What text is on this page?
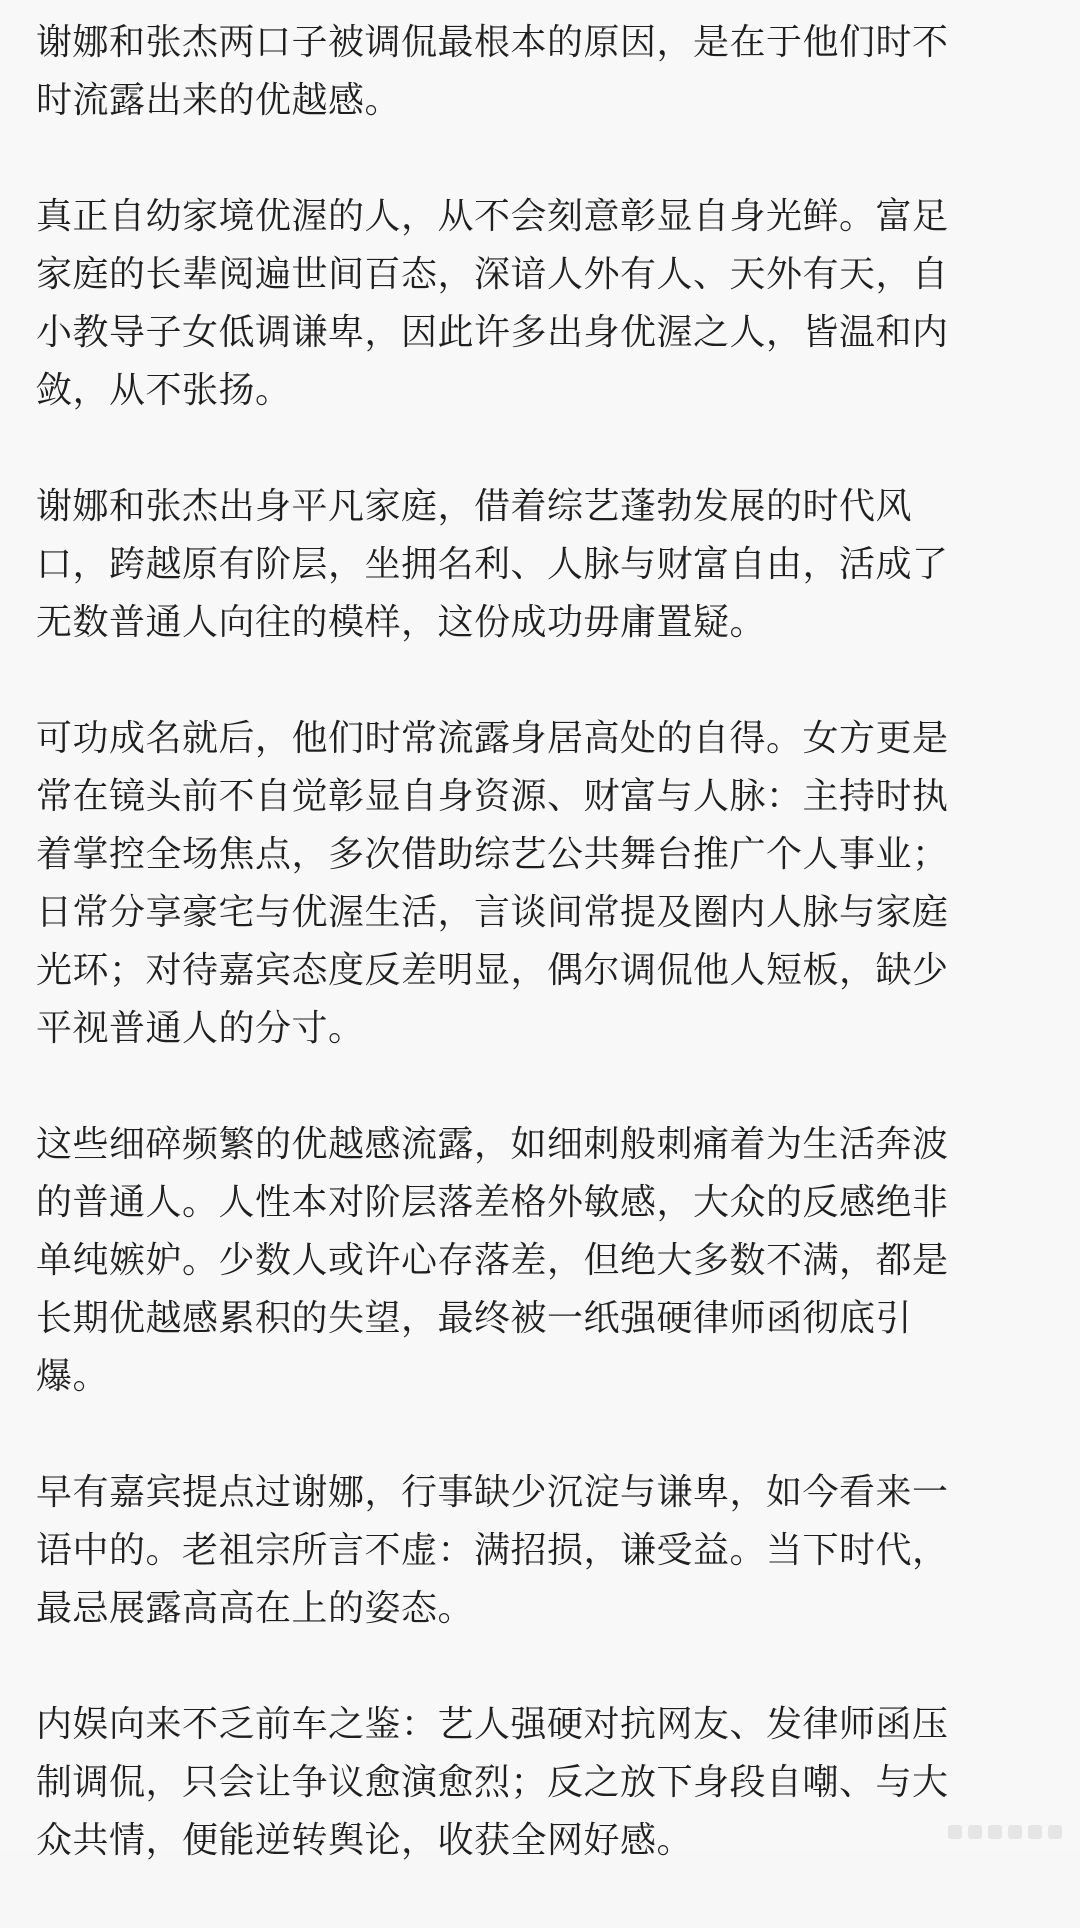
谢娜和张杰两口子被调侃最根本的原因，是在于他们时不
时流露出来的优越感。
真正自幼家境优渥的人，从不会刻意彰显自身光鲜。富足
家庭的长辈阅遍世间百态，深谙人外有人、天外有天，自
小教导子女低调谦卑，因此许多出身优渥之人，皆温和内
敛，从不张扬。
谢娜和张杰出身平凡家庭，借着综艺蓬勃发展的时代风
口，跨越原有阶层，坐拥名利、人脉与财富自由，活成了
无数普通人向往的模样，这份成功毋庸置疑。
可功成名就后，他们时常流露身居高处的自得。女方更是
常在镜头前不自觉彰显自身资源、财富与人脉：主持时执
着掌控全场焦点，多次借助综艺公共舞台推广个人事业；
日常分享豪宅与优渥生活，言谈间常提及圈内人脉与家庭
光环；对待嘉宾态度反差明显，偶尔调侃他人短板，缺少
平视普通人的分寸。
这些细碎频繁的优越感流露，如细刺般刺痛着为生活奔波
的普通人。人性本对阶层落差格外敏感，大众的反感绝非
单纯嫉妒。少数人或许心存落差，但绝大多数不满，都是
长期优越感累积的失望，最终被一纸强硬律师函彻底引
爆。
早有嘉宾提点过谢娜，行事缺少沉淀与谦卑，如今看来一
语中的。老祖宗所言不虚：满招损，谦受益。当下时代，
最忌展露高高在上的姿态。
内娱向来不乏前车之鉴：艺人强硬对抗网友、发律师函压
制调侃，只会让争议愈演愈烈；反之放下身段自嘲、与大
众共情，便能逆转舆论，收获全网好感。
